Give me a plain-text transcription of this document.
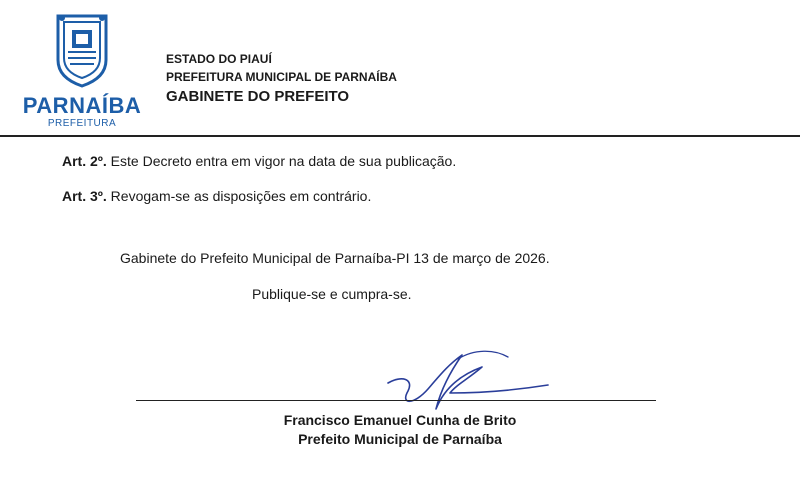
PARNAÍBA
PREFEITURA
ESTADO DO PIAUÍ
PREFEITURA MUNICIPAL DE PARNAÍBA
GABINETE DO PREFEITO
Art. 2º. Este Decreto entra em vigor na data de sua publicação.
Art. 3º. Revogam-se as disposições em contrário.
Gabinete do Prefeito Municipal de Parnaíba-PI 13 de março de 2026.
Publique-se e cumpra-se.
Francisco Emanuel Cunha de Brito
Prefeito Municipal de Parnaíba
